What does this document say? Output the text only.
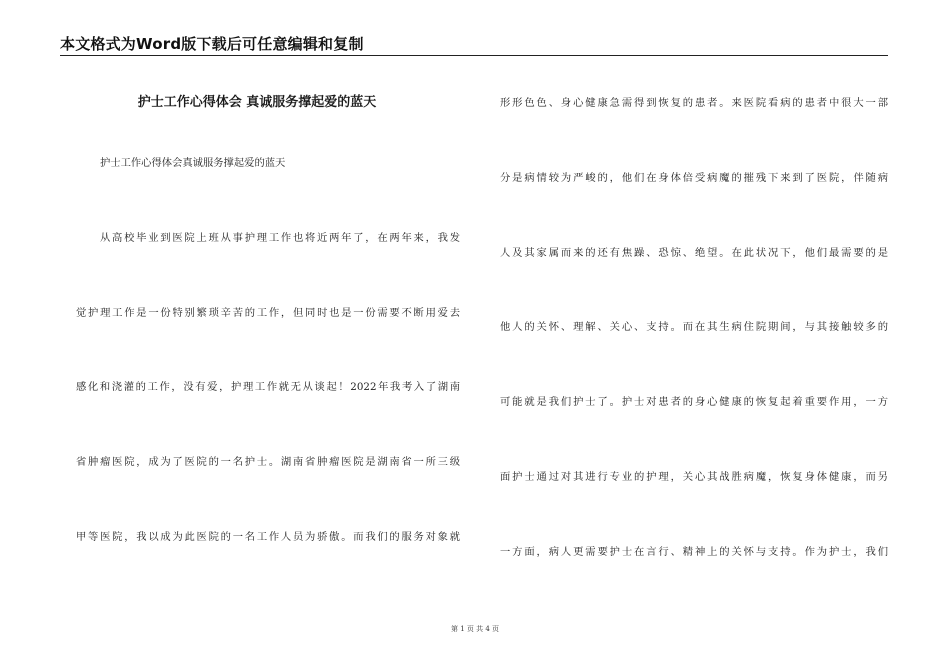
本文格式为Word版下载后可任意编辑和复制
护士工作心得体会 真诚服务撑起爱的蓝天
护士工作心得体会真诚服务撑起爱的蓝天
从高校毕业到医院上班从事护理工作也将近两年了，在两年来，我发
觉护理工作是一份特别繁琐辛苦的工作，但同时也是一份需要不断用爱去
感化和浇灌的工作，没有爱，护理工作就无从谈起！2022年我考入了湖南
省肿瘤医院，成为了医院的一名护士。湖南省肿瘤医院是湖南省一所三级
甲等医院，我以成为此医院的一名工作人员为骄傲。而我们的服务对象就
形形色色、身心健康急需得到恢复的患者。来医院看病的患者中很大一部
分是病情较为严峻的，他们在身体倍受病魔的摧残下来到了医院，伴随病
人及其家属而来的还有焦躁、恐惊、绝望。在此状况下，他们最需要的是
他人的关怀、理解、关心、支持。而在其生病住院期间，与其接触较多的
可能就是我们护士了。护士对患者的身心健康的恢复起着重要作用，一方
面护士通过对其进行专业的护理，关心其战胜病魔，恢复身体健康，而另
一方面，病人更需要护士在言行、精神上的关怀与支持。作为护士，我们
第 1 页 共 4 页
